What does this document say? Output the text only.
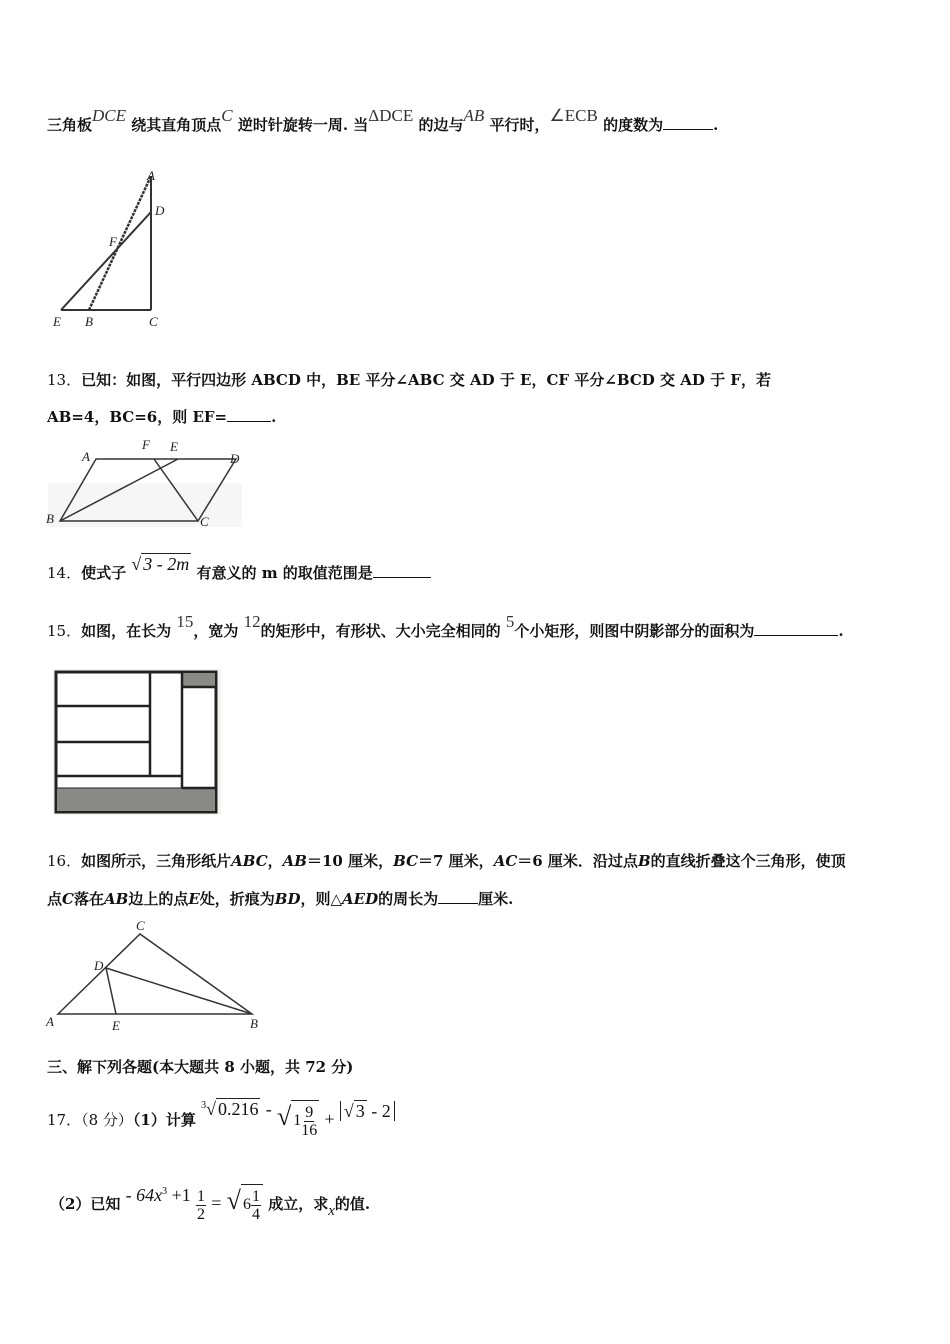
三角板DCE 绕其直角顶点C 逆时针旋转一周. 当ΔDCE 的边与AB 平行时，∠ECB 的度数为	.
A
D
F
E B	C
13．已知：如图，平行四边形 ABCD 中，BE 平分∠ABC 交 AD 于 E，CF 平分∠BCD 交 AD 于 F，若
AB=4，BC=6，则 EF=	.
A
F E
D
B	C
14．使式子 √ 3 - 2m 有意义的 m 的取值范围是
15．如图，在长为 15，宽为 12的矩形中，有形状、大小完全相同的 5个小矩形，则图中阴影部分的面积为	.
16．如图所示，三角形纸片ABC，AB＝10 厘米，BC＝7 厘米，AC＝6 厘米．沿过点B的直线折叠这个三角形，使顶
点C落在AB边上的点E处，折痕为BD，则△AED的周长为	厘米.
C
D
A	E	B
三、解下列各题(本大题共 8 小题，共 72 分)
17．（8 分）（1）计算 $^3$√ 0.216 - √ $1 \frac{9}{16}$ + √ 3 - 2
（2）已知 - $64x^3 +1 \frac{1}{2}$ = √ $6 \frac{1}{4}$ 成立，求x的值.
